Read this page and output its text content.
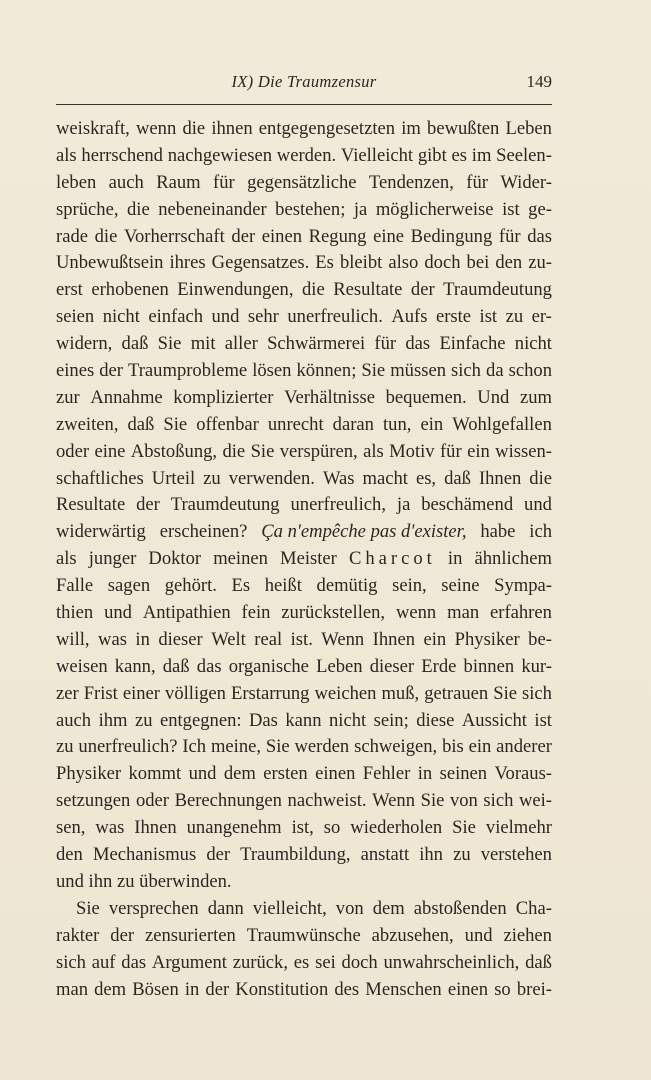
IX) Die Traumzensur	149
weiskraft, wenn die ihnen entgegengesetzten im bewußten Leben
als herrschend nachgewiesen werden. Vielleicht gibt es im Seelen-
leben auch Raum für gegensätzliche Tendenzen, für Wider-
sprüche, die nebeneinander bestehen; ja möglicherweise ist ge-
rade die Vorherrschaft der einen Regung eine Bedingung für das
Unbewußtsein ihres Gegensatzes. Es bleibt also doch bei den zu-
erst erhobenen Einwendungen, die Resultate der Traumdeutung
seien nicht einfach und sehr unerfreulich. Aufs erste ist zu er-
widern, daß Sie mit aller Schwärmerei für das Einfache nicht
eines der Traumprobleme lösen können; Sie müssen sich da schon
zur Annahme komplizierter Verhältnisse bequemen. Und zum
zweiten, daß Sie offenbar unrecht daran tun, ein Wohlgefallen
oder eine Abstoßung, die Sie verspüren, als Motiv für ein wissen-
schaftliches Urteil zu verwenden. Was macht es, daß Ihnen die
Resultate der Traumdeutung unerfreulich, ja beschämend und
widerwärtig erscheinen? Ça n'empêche pas d'exister, habe ich
als junger Doktor meinen Meister Charcot in ähnlichem
Falle sagen gehört. Es heißt demütig sein, seine Sympa-
thien und Antipathien fein zurückstellen, wenn man erfahren
will, was in dieser Welt real ist. Wenn Ihnen ein Physiker be-
weisen kann, daß das organische Leben dieser Erde binnen kur-
zer Frist einer völligen Erstarrung weichen muß, getrauen Sie sich
auch ihm zu entgegnen: Das kann nicht sein; diese Aussicht ist
zu unerfreulich? Ich meine, Sie werden schweigen, bis ein anderer
Physiker kommt und dem ersten einen Fehler in seinen Voraus-
setzungen oder Berechnungen nachweist. Wenn Sie von sich wei-
sen, was Ihnen unangenehm ist, so wiederholen Sie vielmehr
den Mechanismus der Traumbildung, anstatt ihn zu verstehen
und ihn zu überwinden.
Sie versprechen dann vielleicht, von dem abstoßenden Cha-
rakter der zensurierten Traumwünsche abzusehen, und ziehen
sich auf das Argument zurück, es sei doch unwahrscheinlich, daß
man dem Bösen in der Konstitution des Menschen einen so brei-
